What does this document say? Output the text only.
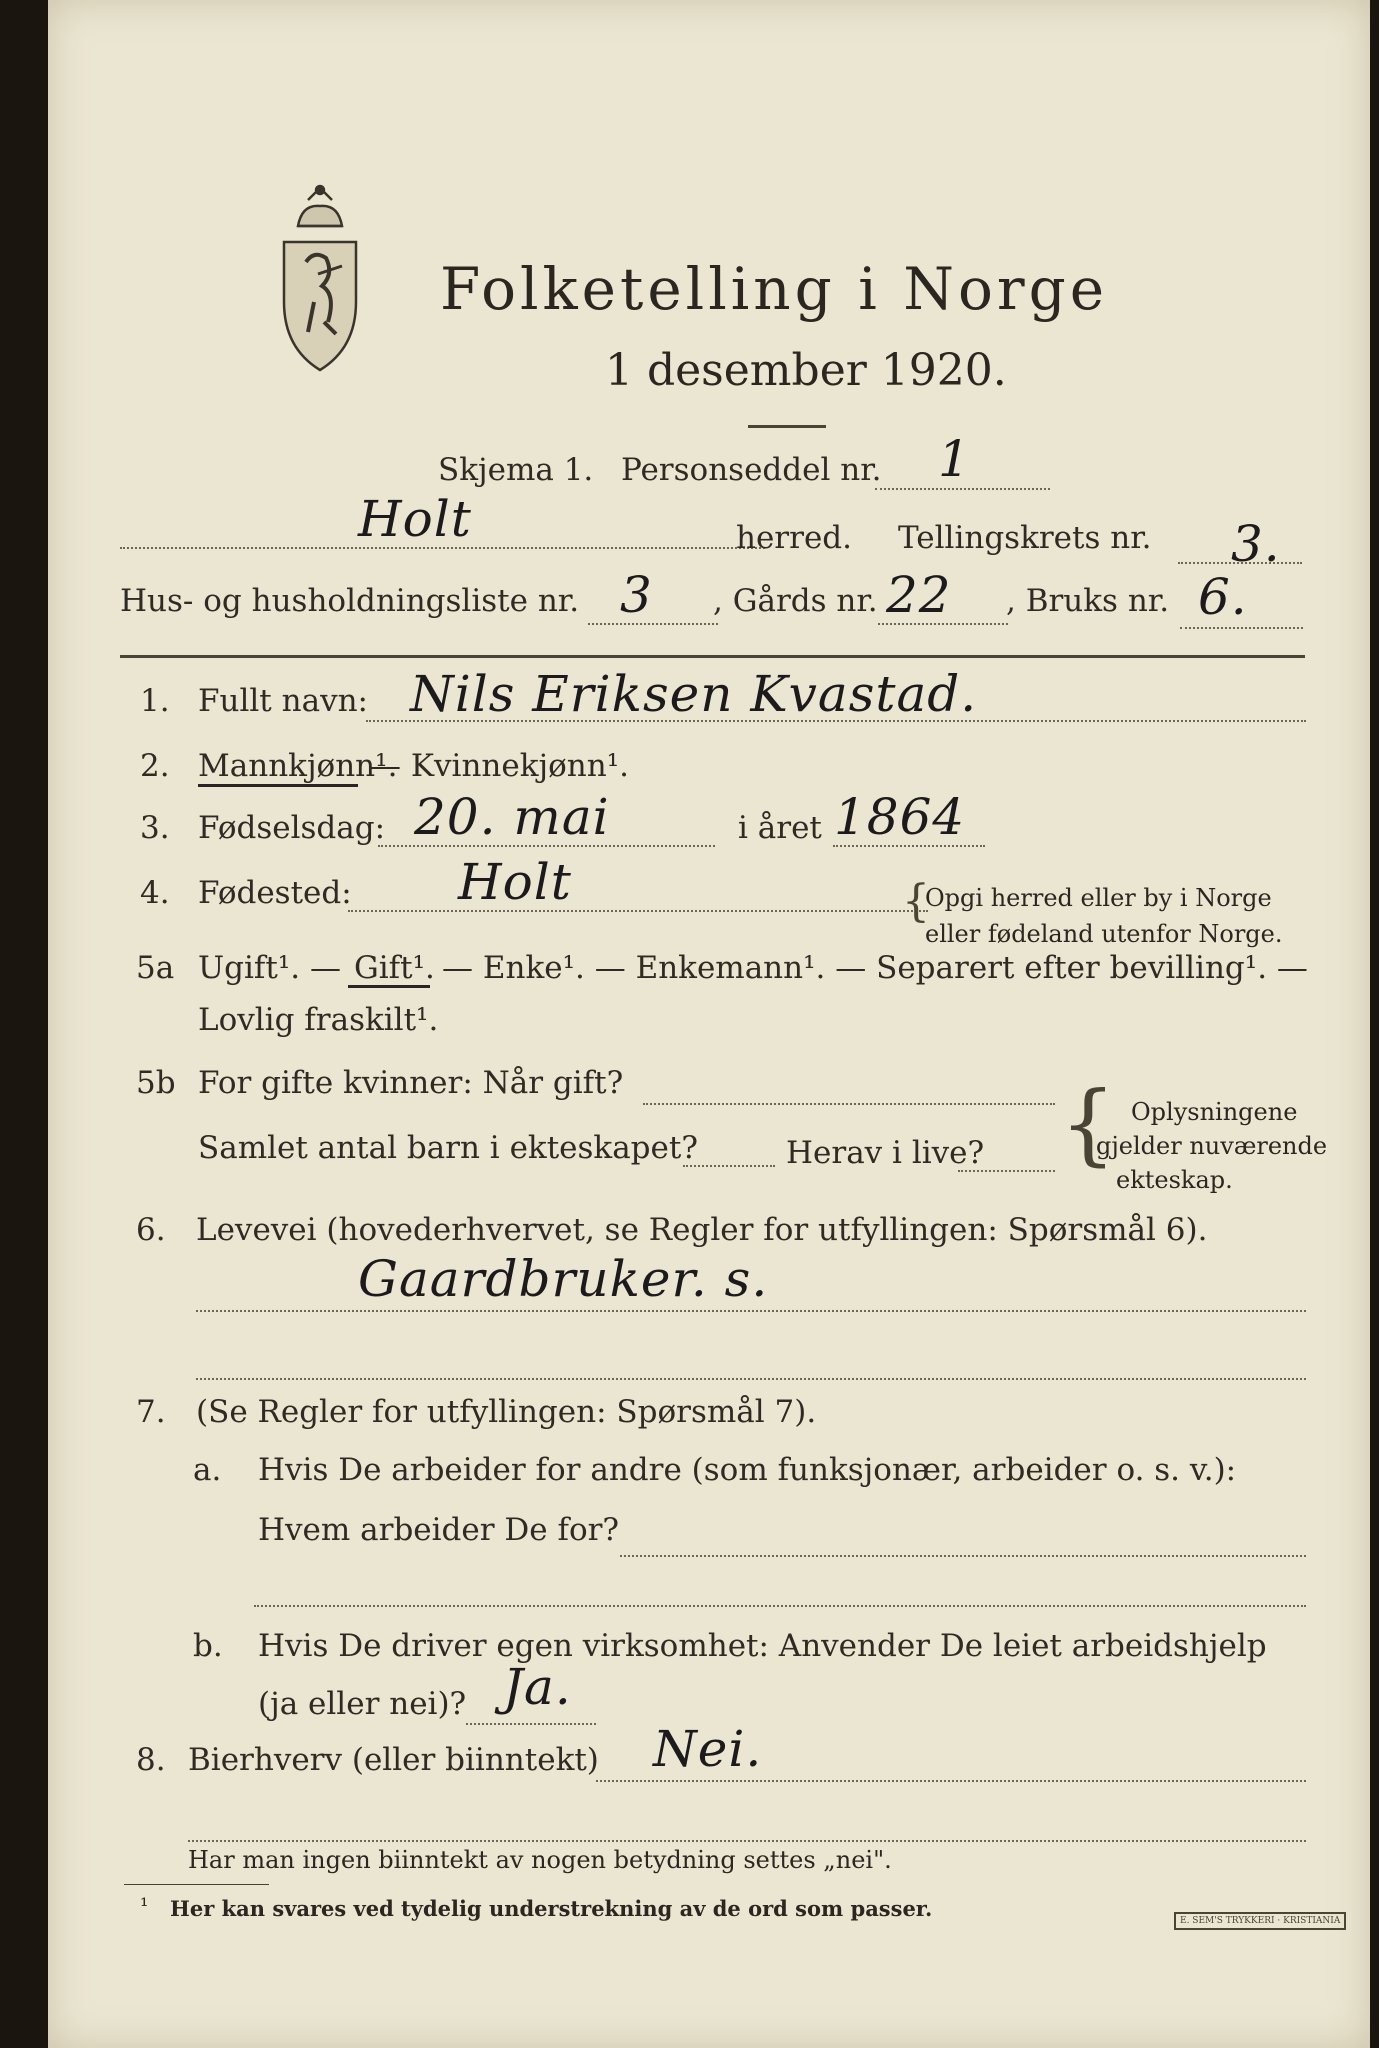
Folketelling i Norge
1 desember 1920.
Skjema 1. Personseddel nr. 1
Holt	herred. Tellingskrets nr. 3.
Hus- og husholdningsliste nr. 3 , Gårds nr. 22 , Bruks nr. 6.
1. Fullt navn: Nils Eriksen Kvastad.
2. Mannkjønn¹.
— Kvinnekjønn¹.
3. Fødselsdag: 20. mai	i året 1864
4. Fødested: Holt	{
Opgi herred eller by i Norge
eller fødeland utenfor Norge.
5a Ugift¹. — Gift¹. — Enke¹. — Enkemann¹. — Separert efter bevilling¹. —
Lovlig fraskilt¹.
5b For gifte kvinner: Når gift?
Samlet antal barn i ekteskapet?	Herav i live? { Oplysningene
gjelder nuværende
ekteskap.
6. Levevei (hovederhvervet, se Regler for utfyllingen: Spørsmål 6).
Gaardbruker. s.
7. (Se Regler for utfyllingen: Spørsmål 7).
a. Hvis De arbeider for andre (som funksjonær, arbeider o. s. v.):
Hvem arbeider De for?
b. Hvis De driver egen virksomhet: Anvender De leiet arbeidshjelp
(ja eller nei)? Ja.
8. Bierhverv (eller biinntekt) Nei.
Har man ingen biinntekt av nogen betydning settes „nei".
¹ Her kan svares ved tydelig understrekning av de ord som passer.	E. SEM'S TRYKKERI · KRISTIANIA
